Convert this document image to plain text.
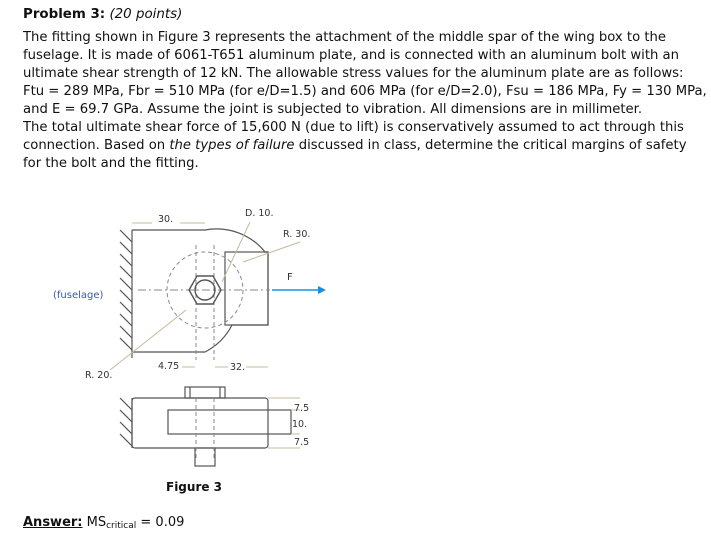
Problem 3: (20 points)

The fitting shown in Figure 3 represents the attachment of the middle spar of the wing box to the

fuselage. It is made of 6061-T651 aluminum plate, and is connected with an aluminum bolt with an

ultimate shear strength of 12 kN. The allowable stress values for the aluminum plate are as follows:

Ftu = 289 MPa, Fbr = 510 MPa (for e/D=1.5) and 606 MPa (for e/D=2.0), Fsu = 186 MPa, Fy = 130 MPa,

and E = 69.7 GPa. Assume the joint is subjected to vibration. All dimensions are in millimeter.

The total ultimate shear force of 15,600 N (due to lift) is conservatively assumed to act through this

connection. Based on the types of failure discussed in class, determine the critical margins of safety

for the bolt and the fitting.

30.
D. 10.
R. 30.
4.75	32.
R. 20.
F
(fuselage)
7.5
10.
7.5
Figure 3
Answer: $MS_{critical} = 0.09$
